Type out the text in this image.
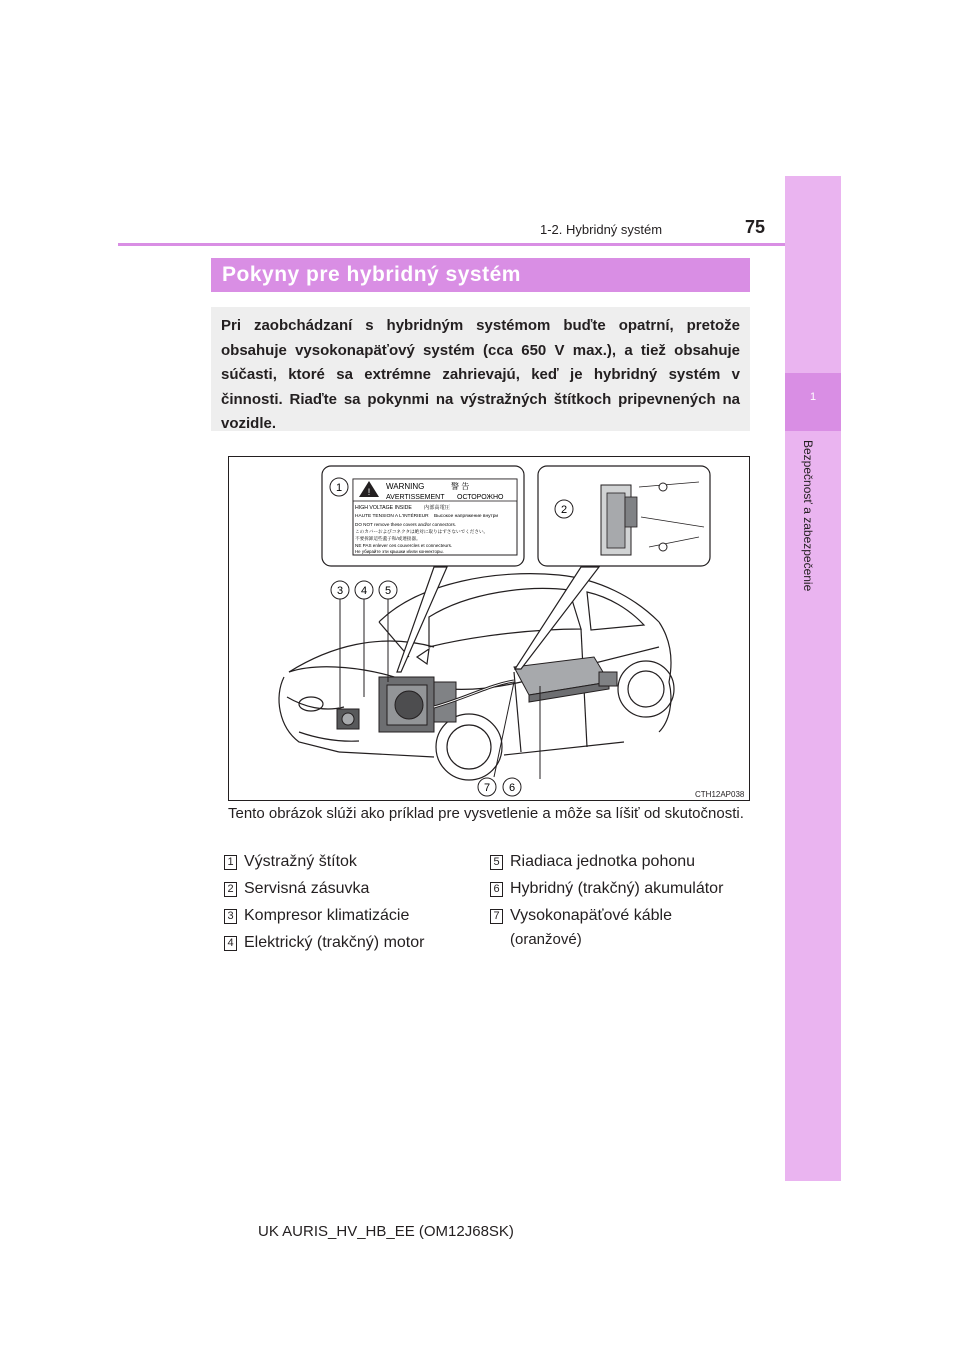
1
Bezpečnosť a zabezpečenie
1-2. Hybridný systém	75
Pokyny pre hybridný systém
Pri zaobchádzaní s hybridným systémom buďte opatrní, pretože obsahuje vysokonapäťový systém (cca 650 V max.), a tiež obsahuje súčasti, ktoré sa extrémne zahrievajú, keď je hybridný systém v činnosti. Riaďte sa pokynmi na výstražných štítkoch pripevnených na vozidle.
!
WARNING	警 告
AVERTISSEMENT ОСТОРОЖНО
HIGH VOLTAGE INSIDE 内部高電圧
HAUTE TENSION A L'INTÉRIEUR Высокое напряжение внутри
DO NOT remove these covers and/or connectors.
このカバーおよびコネクタは絶対に取りはずさないでください。
不要拆卸這些蓋子和/或連接器。
NE PAS enlever ces couvercles et connecteurs.
Не убирайте эти крышки и/или коннекторы.
1
2
3 4 5
6
7
CTH12AP038
Tento obrázok slúži ako príklad pre vysvetlenie a môže sa líšiť od skutočnosti.
1 Výstražný štítok
2 Servisná zásuvka
3 Kompresor klimatizácie
4 Elektrický (trakčný) motor
5 Riadiaca jednotka pohonu
6 Hybridný (trakčný) akumulátor
7 Vysokonapäťové káble
(oranžové)
UK AURIS_HV_HB_EE (OM12J68SK)
